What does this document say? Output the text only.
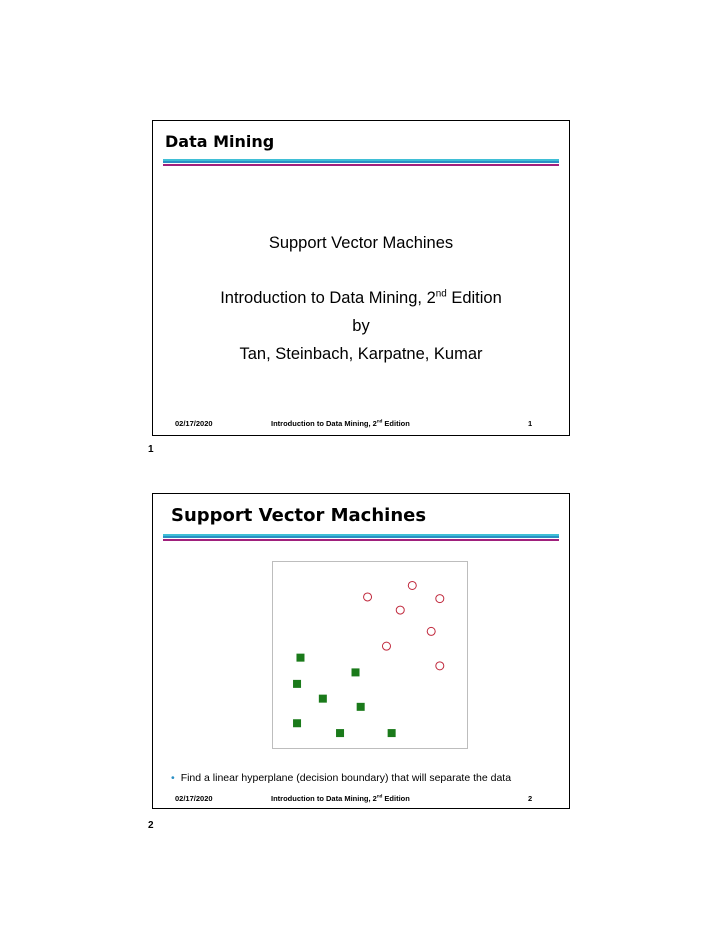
Data Mining
Support Vector Machines
Introduction to Data Mining, 2nd Edition
by
Tan, Steinbach, Karpatne, Kumar
02/17/2020	Introduction to Data Mining, 2nd Edition	1
1
Support Vector Machines
• Find a linear hyperplane (decision boundary) that will separate the data
02/17/2020	Introduction to Data Mining, 2nd Edition	2
2
